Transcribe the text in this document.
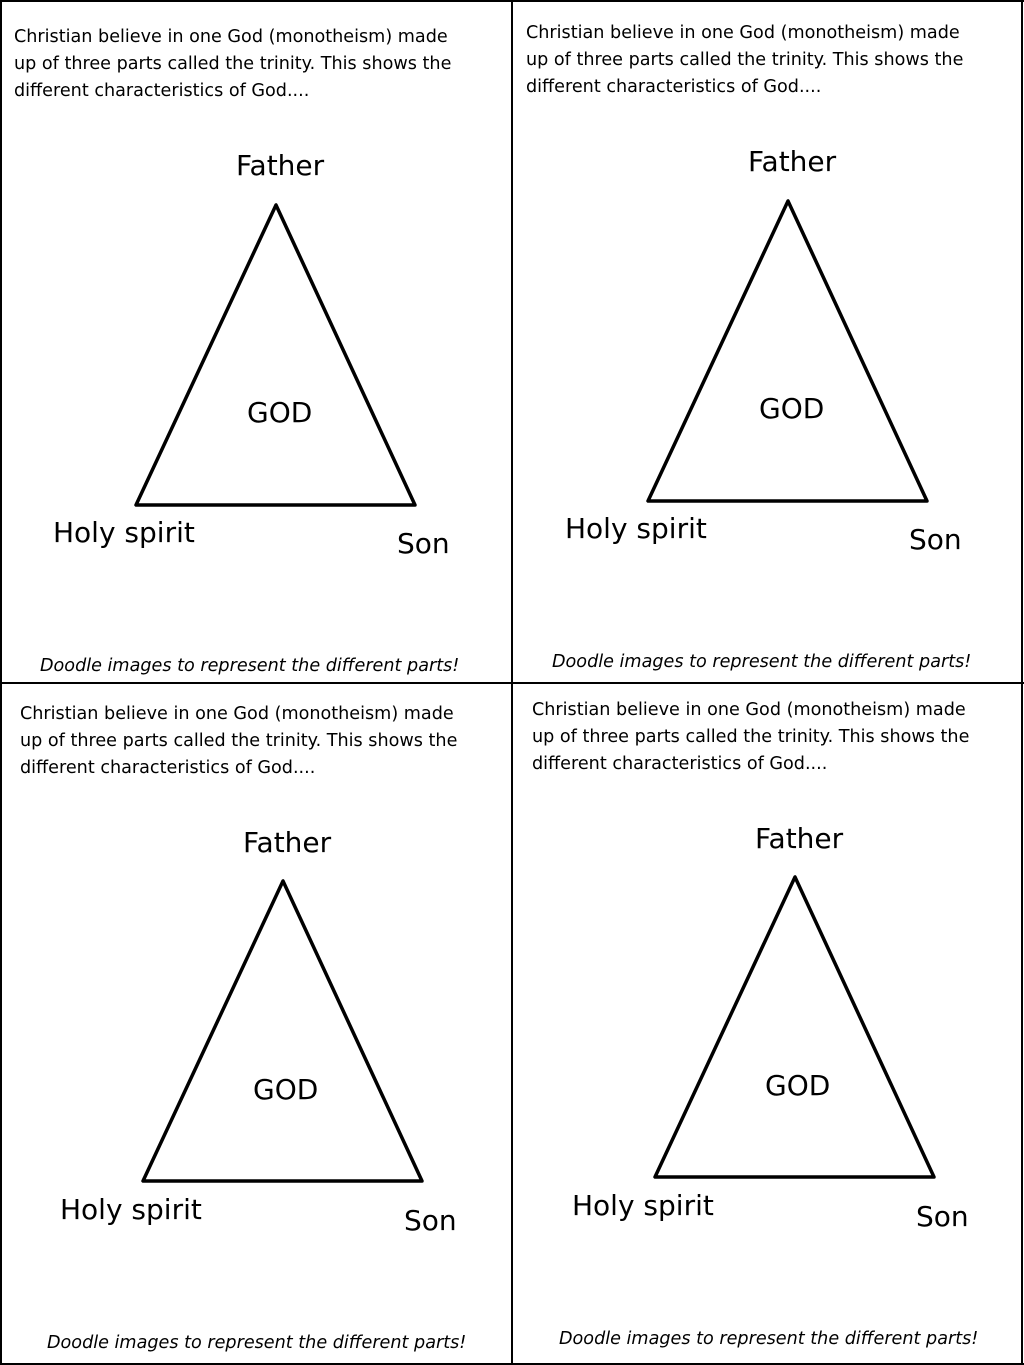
Christian believe in one God (monotheism) made
up of three parts called the trinity. This shows the
different characteristics of God....
Father
GOD
Holy spirit	Son
Doodle images to represent the different parts!
Christian believe in one God (monotheism) made
up of three parts called the trinity. This shows the
different characteristics of God....
Father
GOD
Holy spirit	Son
Doodle images to represent the different parts!
Christian believe in one God (monotheism) made
up of three parts called the trinity. This shows the
different characteristics of God....
Father
GOD
Holy spirit	Son
Doodle images to represent the different parts!
Christian believe in one God (monotheism) made
up of three parts called the trinity. This shows the
different characteristics of God....
Father
GOD
Holy spirit	Son
Doodle images to represent the different parts!
